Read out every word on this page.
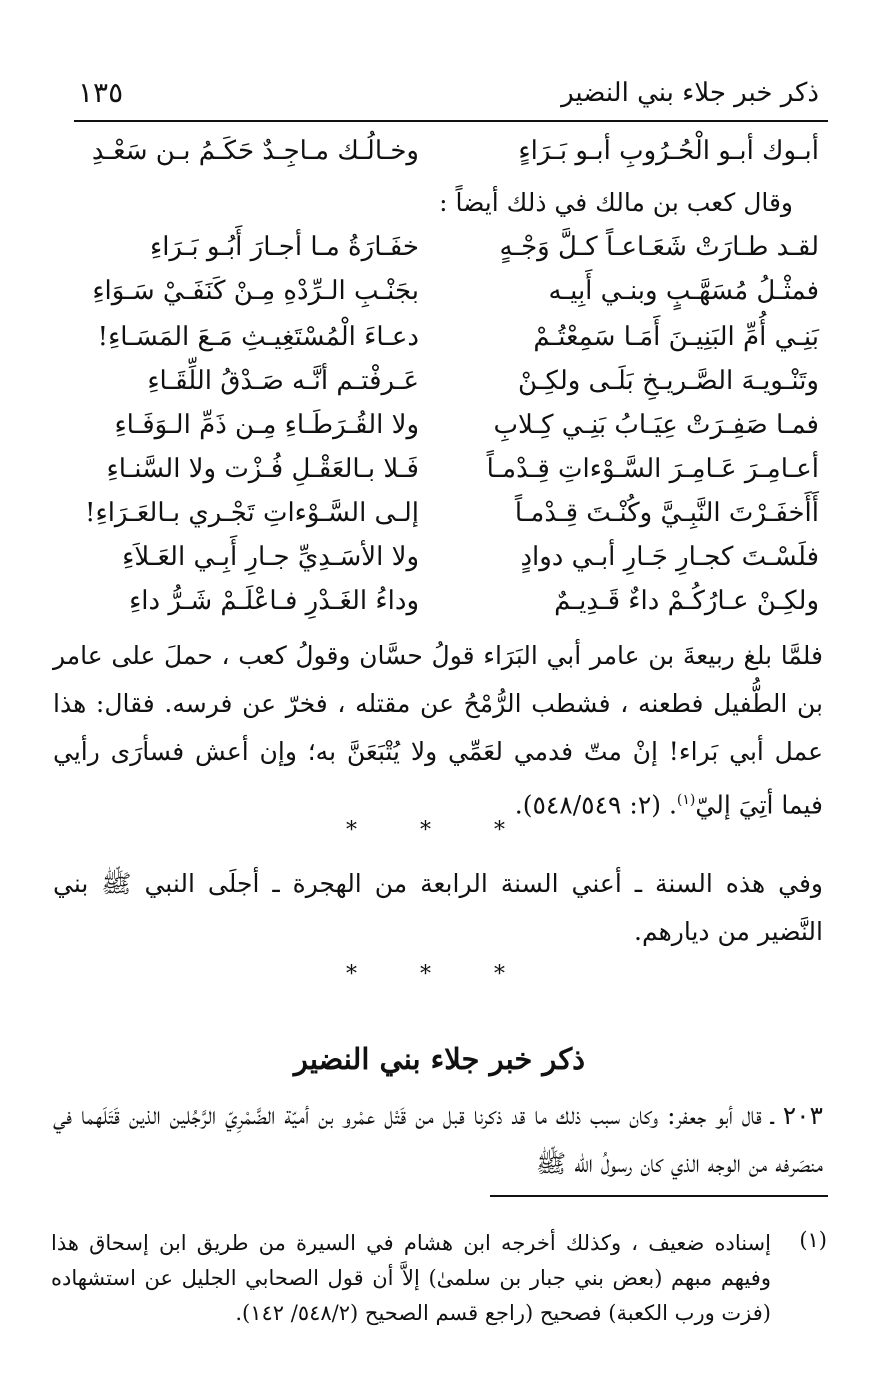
ذكر خبر جلاء بني النضير
١٣٥
أبـوك أبـو الْحُـرُوبِ أبـو بَـرَاءٍ
وخـالُـك مـاجِـدٌ حَكَـمُ بـن سَعْـدِ
وقال كعب بن مالك في ذلك أيضاً :
لقـد طـارَتْ شَعَـاعـاً كـلَّ وَجْـهٍ
خفَـارَةُ مـا أجـارَ أَبُـو بَـرَاءِ
فمثْـلُ مُسَهَّـبٍ وبنـي أَبِيـه
بجَنْـبِ الـرِّدْهِ مِـنْ كَنَفَـيْ سَـوَاءِ
بَنِـي أُمِّ البَنِيـنَ أَمَـا سَمِعْتُـمْ
دعـاءَ الْمُسْتَغِيـثِ مَـعَ المَسَـاءِ!
وتَنْـويـهَ الصَّـريـخِ بَلَـى ولكِـنْ
عَـرفْتـم أنَّـه صَـدْقُ اللِّقَـاءِ
فمـا صَفِـرَتْ عِيَـابُ بَنِـي كِـلابِ
ولا القُـرَطَـاءِ مِـن ذَمِّ الـوَفَـاءِ
أعـامِـرَ عَـامِـرَ السَّـوْءاتِ قِـدْمـاً
فَـلا بـالعَقْـلِ فُـزْت ولا السَّنـاءِ
أَأَخفَـرْتَ النَّبِـيَّ وكُنْـتَ قِـدْمـاً
إلـى السَّـوْءاتِ تَجْـري بـالعَـرَاءِ!
فلَسْـتَ كجـارِ جَـارِ أبـي دوادٍ
ولا الأسَـدِيِّ جـارِ أَبِـي العَـلاَءِ
ولكِـنْ عـارُكُـمْ داءٌ قَـدِيـمٌ
وداءُ الغَـدْرِ فـاعْلَـمْ شَـرُّ داءِ
فلمَّا بلغ ربيعةَ بن عامر أبي البَرَاء قولُ حسَّان وقولُ كعب ، حملَ على عامر بن الطُّفيل فطعنه ، فشطب الرُّمْحُ عن مقتله ، فخرّ عن فرسه. فقال: هذا عمل أبي بَراء! إنْ متّ فدمي لعَمِّي ولا يُتْبَعَنَّ به؛ وإن أعش فسأرَى رأيي فيما أتِيَ إليّ$^{(١)}$. (٢: ٥٤٨/٥٤٩).
* * *
وفي هذه السنة ـ أعني السنة الرابعة من الهجرة ـ أجلَى النبي ﷺ بني النَّضير من ديارهم.
* * *
ذكر خبر جلاء بني النضير
٢٠٣ ـ قال أبو جعفر: وكان سبب ذلك ما قد ذكرنا قبل من قَتْل عمْرو بن أميّة الضَّمْرِيّ الرَّجُلين الذين قَتَلَهما في منصَرفه من الوجه الذي كان رسولُ الله ﷺ
(١)
إسناده ضعيف ، وكذلك أخرجه ابن هشام في السيرة من طريق ابن إسحاق هذا وفيهم مبهم (بعض بني جبار بن سلمىٰ) إلاَّ أن قول الصحابي الجليل عن استشهاده (فزت ورب الكعبة) فصحيح (راجع قسم الصحيح (٥٤٨/٢/ ١٤٢).
